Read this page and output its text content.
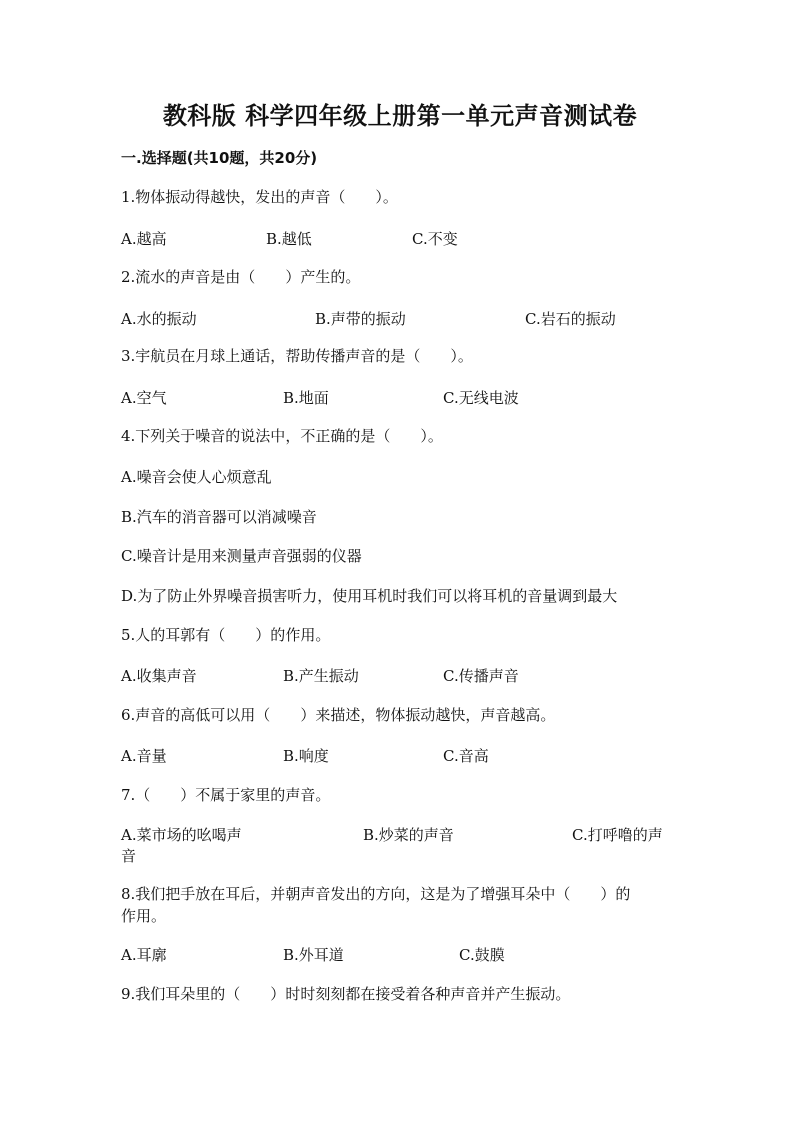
教科版 科学四年级上册第一单元声音测试卷
一.选择题(共10题，共20分)
1.物体振动得越快，发出的声音（　　）。
A.越高	B.越低	C.不变
2.流水的声音是由（　　）产生的。
A.水的振动	B.声带的振动	C.岩石的振动
3.宇航员在月球上通话，帮助传播声音的是（　　）。
A.空气	B.地面	C.无线电波
4.下列关于噪音的说法中，不正确的是（　　）。
A.噪音会使人心烦意乱
B.汽车的消音器可以消减噪音
C.噪音计是用来测量声音强弱的仪器
D.为了防止外界噪音损害听力，使用耳机时我们可以将耳机的音量调到最大
5.人的耳郭有（　　）的作用。
A.收集声音	B.产生振动	C.传播声音
6.声音的高低可以用（　　）来描述，物体振动越快，声音越高。
A.音量	B.响度	C.音高
7.（　　）不属于家里的声音。
A.菜市场的吆喝声	B.炒菜的声音	C.打呼噜的声
音
8.我们把手放在耳后，并朝声音发出的方向，这是为了增强耳朵中（　　）的
作用。
A.耳廓	B.外耳道	C.鼓膜
9.我们耳朵里的（　　）时时刻刻都在接受着各种声音并产生振动。
